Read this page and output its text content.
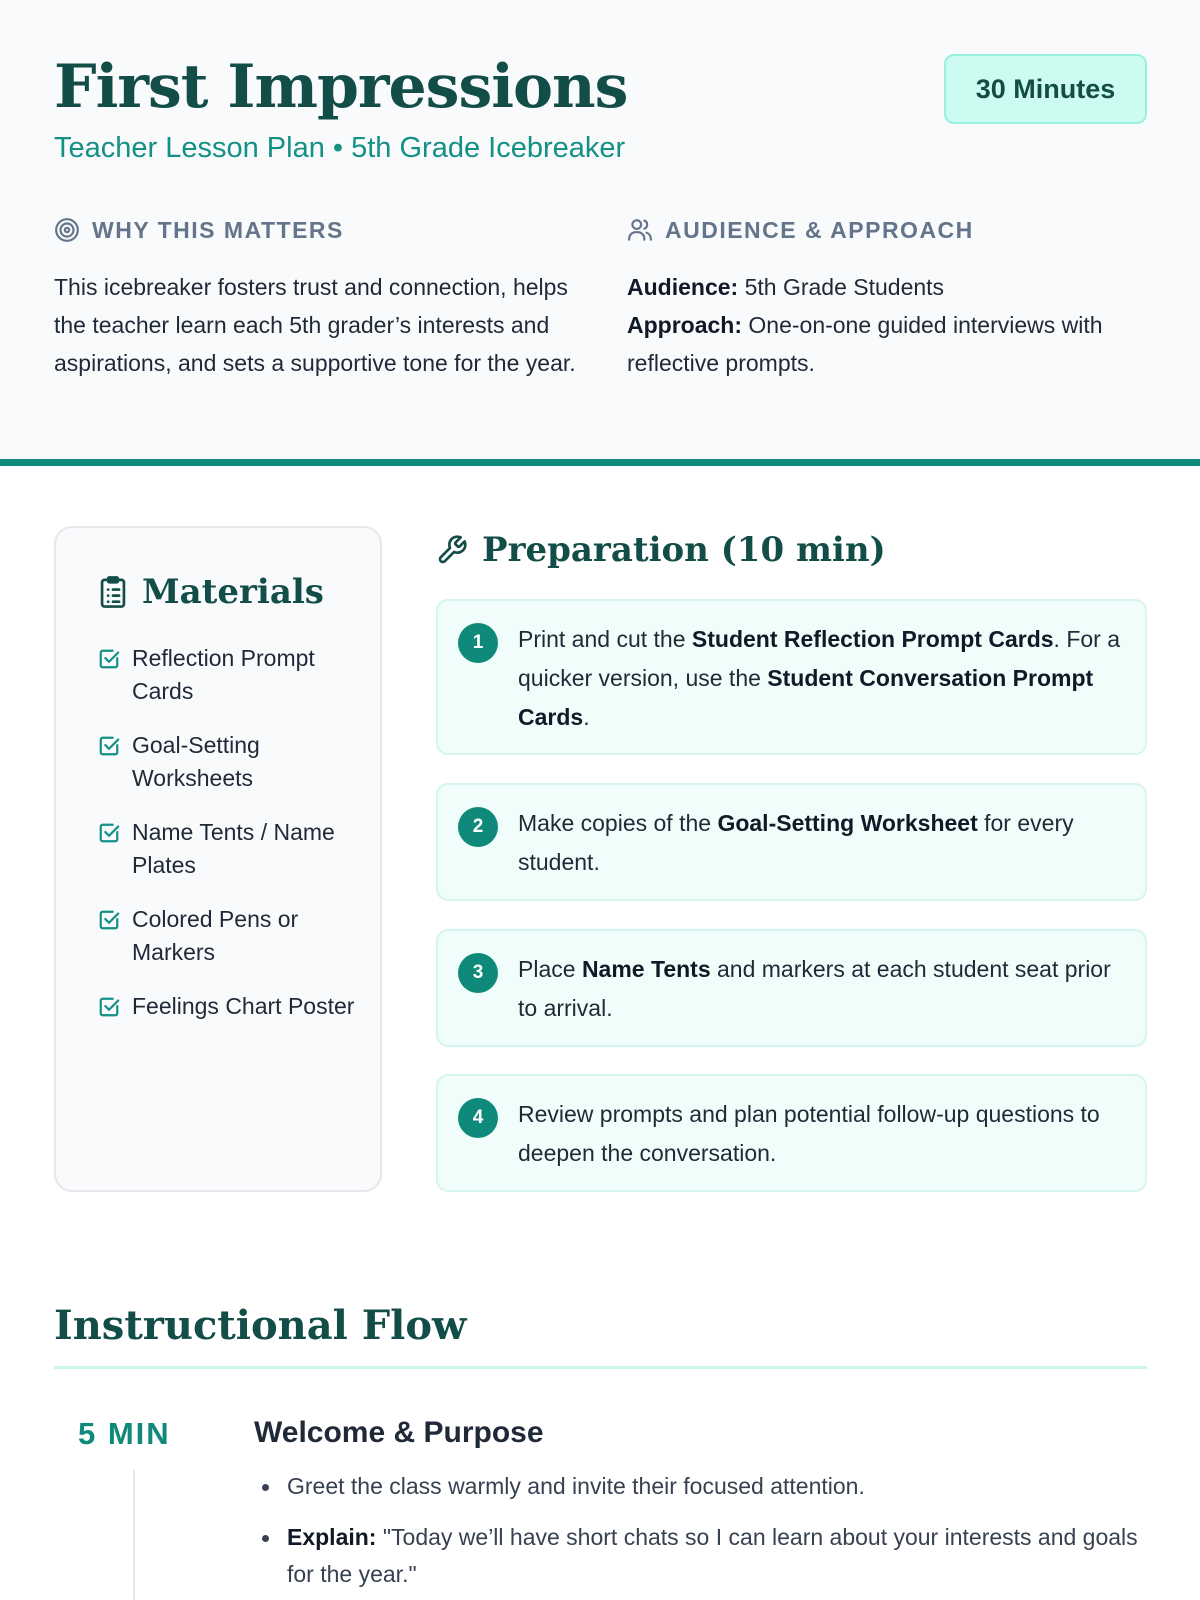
First Impressions
Teacher Lesson Plan • 5th Grade Icebreaker
30 Minutes
WHY THIS MATTERS

This icebreaker fosters trust and connection, helps the teacher learn each 5th grader’s interests and aspirations, and sets a supportive tone for the year.

AUDIENCE & APPROACH
Audience: 5th Grade Students
Approach: One-on-one guided interviews with reflective prompts.
Materials
Reflection Prompt Cards
Goal-Setting Worksheets
Name Tents / Name Plates
Colored Pens or Markers
Feelings Chart Poster
Preparation (10 min)
1	Print and cut the Student Reflection Prompt Cards. For a quicker version, use the Student Conversation Prompt Cards.
2	Make copies of the Goal-Setting Worksheet for every student.
3	Place Name Tents and markers at each student seat prior to arrival.
4	Review prompts and plan potential follow-up questions to deepen the conversation.
Instructional Flow
5 MIN	Welcome & Purpose
Greet the class warmly and invite their focused attention.
Explain: "Today we’ll have short chats so I can learn about your interests and goals for the year."
